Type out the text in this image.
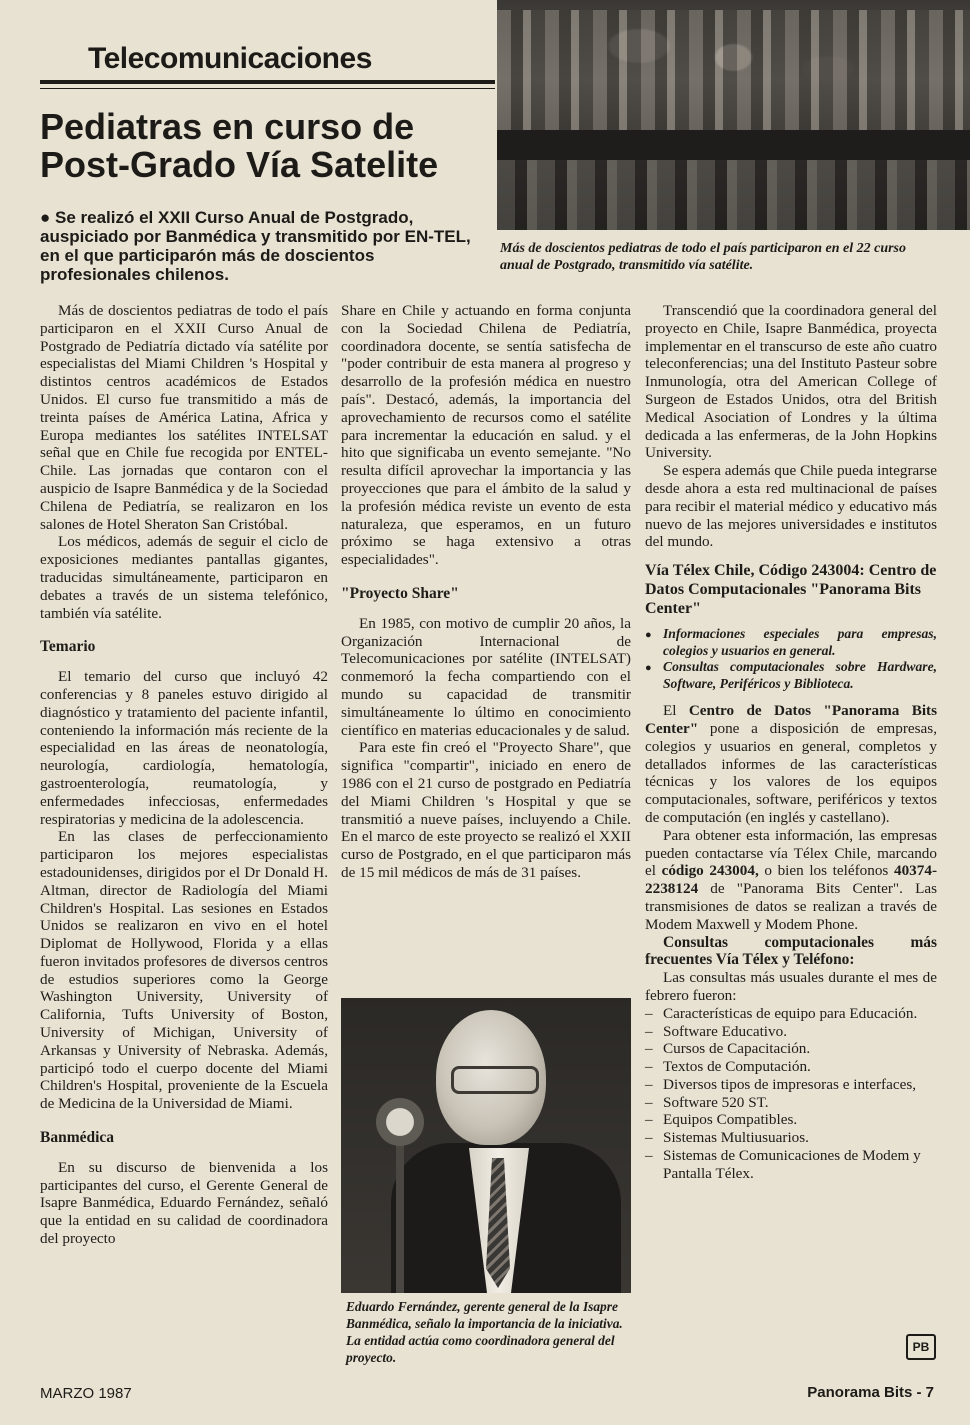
Telecomunicaciones
Pediatras en curso de Post-Grado Vía Satelite
● Se realizó el XXII Curso Anual de Postgrado, auspiciado por Banmédica y transmitido por EN-TEL, en el que participarón más de doscientos profesionales chilenos.
Más de doscientos pediatras de todo el país participaron en el 22 curso anual de Postgrado, transmitido vía satélite.

Más de doscientos pediatras de todo el país participaron en el XXII Curso Anual de Postgrado de Pediatría dictado vía satélite por especialistas del Miami Children 's Hospital y distintos centros académicos de Estados Unidos. El curso fue transmitido a más de treinta países de América Latina, Africa y Europa mediantes los satélites INTELSAT señal que en Chile fue recogida por ENTEL-Chile. Las jornadas que contaron con el auspicio de Isapre Banmédica y de la Sociedad Chilena de Pediatría, se realizaron en los salones de Hotel Sheraton San Cristóbal.

Los médicos, además de seguir el ciclo de exposiciones mediantes pantallas gigantes, traducidas simultáneamente, participaron en debates a través de un sistema telefónico, también vía satélite.

Temario

El temario del curso que incluyó 42 conferencias y 8 paneles estuvo dirigido al diagnóstico y tratamiento del paciente infantil, conteniendo la información más reciente de la especialidad en las áreas de neonatología, neurología, cardiología, hematología, gastroenterología, reumatología, y enfermedades infecciosas, enfermedades respiratorias y medicina de la adolescencia.

En las clases de perfeccionamiento participaron los mejores especialistas estadounidenses, dirigidos por el Dr Donald H. Altman, director de Radiología del Miami Children's Hospital. Las sesiones en Estados Unidos se realizaron en vivo en el hotel Diplomat de Hollywood, Florida y a ellas fueron invitados profesores de diversos centros de estudios superiores como la George Washington University, University of California, Tufts University of Boston, University of Michigan, University of Arkansas y University of Nebraska. Además, participó todo el cuerpo docente del Miami Children's Hospital, proveniente de la Escuela de Medicina de la Universidad de Miami.

Banmédica

En su discurso de bienvenida a los participantes del curso, el Gerente General de Isapre Banmédica, Eduardo Fernández, señaló que la entidad en su calidad de coordinadora del proyecto

Share en Chile y actuando en forma conjunta con la Sociedad Chilena de Pediatría, coordinadora docente, se sentía satisfecha de "poder contribuir de esta manera al progreso y desarrollo de la profesión médica en nuestro país". Destacó, además, la importancia del aprovechamiento de recursos como el satélite para incrementar la educación en salud. y el hito que significaba un evento semejante. "No resulta difícil aprovechar la importancia y las proyecciones que para el ámbito de la salud y la profesión médica reviste un evento de esta naturaleza, que esperamos, en un futuro próximo se haga extensivo a otras especialidades".

"Proyecto Share"

En 1985, con motivo de cumplir 20 años, la Organización Internacional de Telecomunicaciones por satélite (INTELSAT) conmemoró la fecha compartiendo con el mundo su capacidad de transmitir simultáneamente lo último en conocimiento científico en materias educacionales y de salud.

Para este fin creó el "Proyecto Share", que significa "compartir", iniciado en enero de 1986 con el 21 curso de postgrado en Pediatría del Miami Children 's Hospital y que se transmitió a nueve países, incluyendo a Chile. En el marco de este proyecto se realizó el XXII curso de Postgrado, en el que participaron más de 15 mil médicos de más de 31 países.

Eduardo Fernández, gerente general de la Isapre Banmédica, señalo la importancia de la iniciativa. La entidad actúa como coordinadora general del proyecto.

Transcendió que la coordinadora general del proyecto en Chile, Isapre Banmédica, proyecta implementar en el transcurso de este año cuatro teleconferencias; una del Instituto Pasteur sobre Inmunología, otra del American College of Surgeon de Estados Unidos, otra del British Medical Asociation of Londres y la última dedicada a las enfermeras, de la John Hopkins University.

Se espera además que Chile pueda integrarse desde ahora a esta red multinacional de países para recibir el material médico y educativo más nuevo de las mejores universidades e institutos del mundo.

Vía Télex Chile, Código 243004: Centro de Datos Computacionales "Panorama Bits Center"
● Informaciones especiales para empresas, colegios y usuarios en general.
● Consultas computacionales sobre Hardware, Software, Periféricos y Biblioteca.

El Centro de Datos "Panorama Bits Center" pone a disposición de empresas, colegios y usuarios en general, completos y detallados informes de las características técnicas y los valores de los equipos computacionales, software, periféricos y textos de computación (en inglés y castellano).

Para obtener esta información, las empresas pueden contactarse vía Télex Chile, marcando el código 243004, o bien los teléfonos 40374-2238124 de "Panorama Bits Center". Las transmisiones de datos se realizan a través de Modem Maxwell y Modem Phone.

Consultas computacionales más frecuentes Vía Télex y Teléfono:

Las consultas más usuales durante el mes de febrero fueron:

– Características de equipo para Educación.
– Software Educativo.
– Cursos de Capacitación.
– Textos de Computación.
– Diversos tipos de impresoras e interfaces,
– Software 520 ST.
– Equipos Compatibles.
– Sistemas Multiusuarios.
– Sistemas de Comunicaciones de Modem y Pantalla Télex.
PB
MARZO 1987	Panorama Bits - 7
